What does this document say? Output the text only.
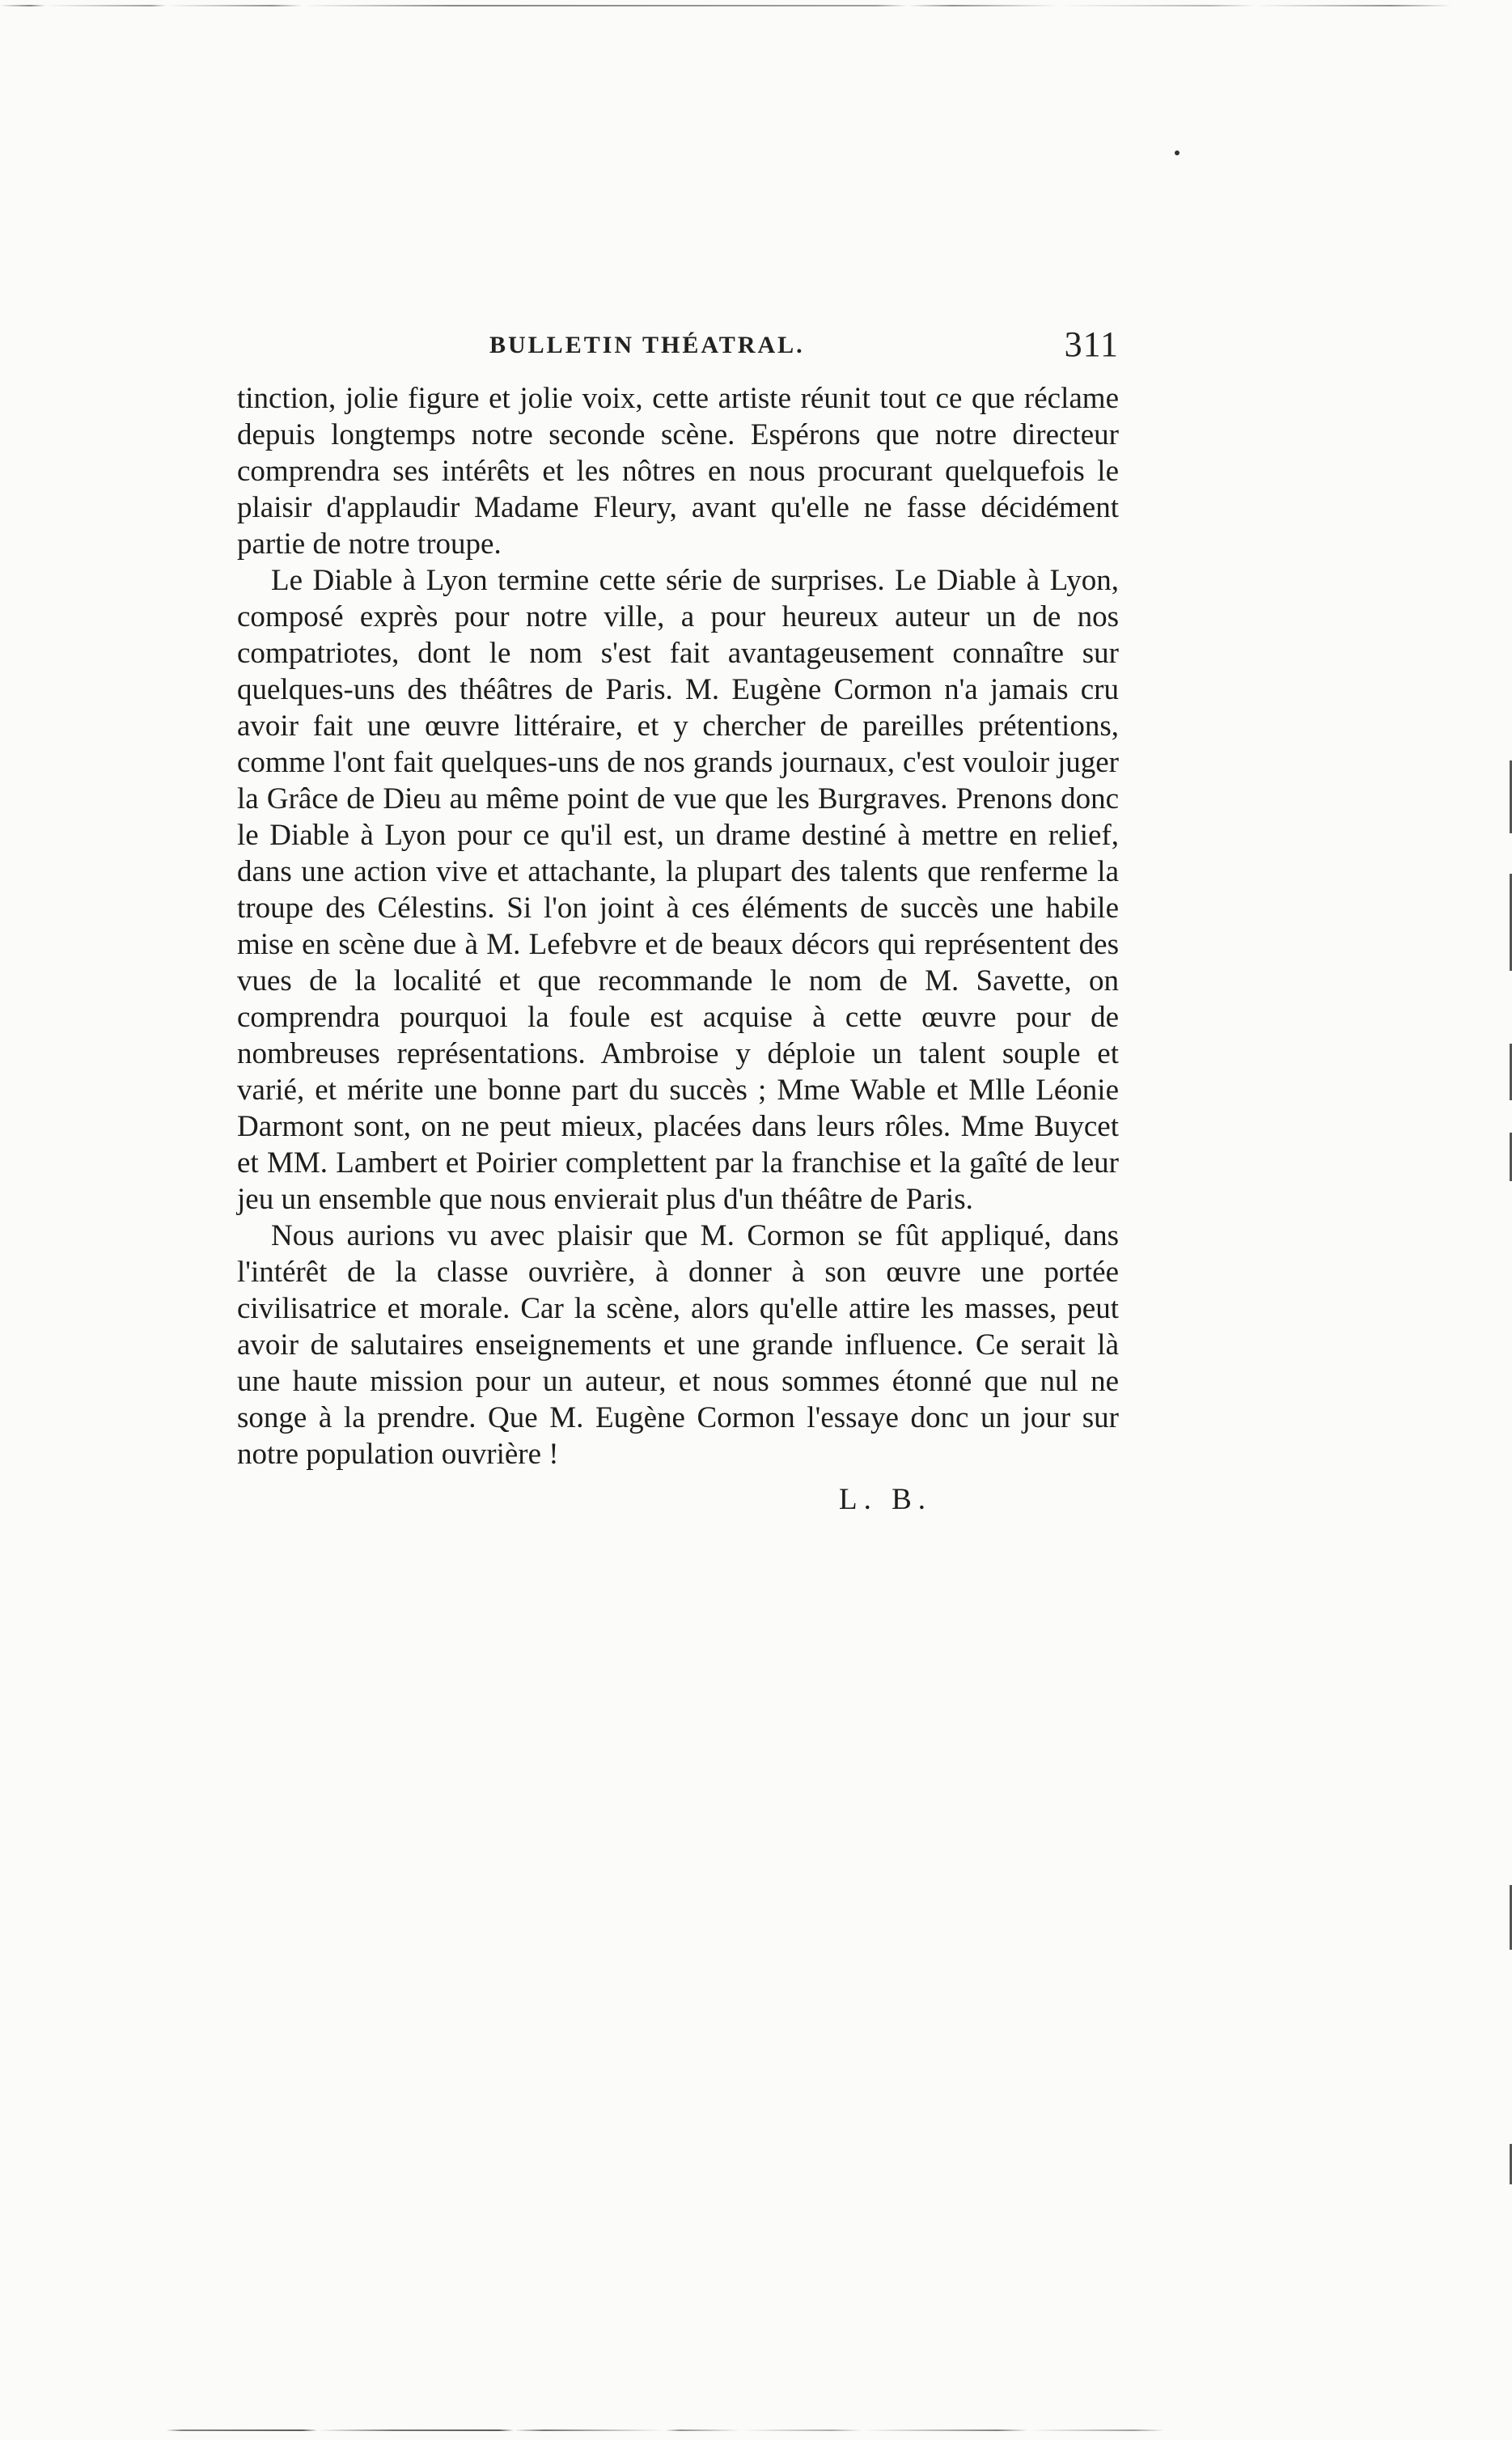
BULLETIN THÉATRAL.	311

tinction, jolie figure et jolie voix, cette artiste réunit tout ce que réclame depuis longtemps notre seconde scène. Espérons que notre directeur comprendra ses intérêts et les nôtres en nous procurant quelquefois le plaisir d'applaudir Madame Fleury, avant qu'elle ne fasse décidément partie de notre troupe.

Le Diable à Lyon termine cette série de surprises. Le Diable à Lyon, composé exprès pour notre ville, a pour heureux auteur un de nos compatriotes, dont le nom s'est fait avantageusement connaître sur quelques-uns des théâtres de Paris. M. Eugène Cormon n'a jamais cru avoir fait une œuvre littéraire, et y chercher de pareilles prétentions, comme l'ont fait quelques-uns de nos grands journaux, c'est vouloir juger la Grâce de Dieu au même point de vue que les Burgraves. Prenons donc le Diable à Lyon pour ce qu'il est, un drame destiné à mettre en relief, dans une action vive et attachante, la plupart des talents que renferme la troupe des Célestins. Si l'on joint à ces éléments de succès une habile mise en scène due à M. Lefebvre et de beaux décors qui représentent des vues de la localité et que recommande le nom de M. Savette, on comprendra pourquoi la foule est acquise à cette œuvre pour de nombreuses représentations. Ambroise y déploie un talent souple et varié, et mérite une bonne part du succès ; Mme Wable et Mlle Léonie Darmont sont, on ne peut mieux, placées dans leurs rôles. Mme Buycet et MM. Lambert et Poirier complettent par la franchise et la gaîté de leur jeu un ensemble que nous envierait plus d'un théâtre de Paris.

Nous aurions vu avec plaisir que M. Cormon se fût appliqué, dans l'intérêt de la classe ouvrière, à donner à son œuvre une portée civilisatrice et morale. Car la scène, alors qu'elle attire les masses, peut avoir de salutaires enseignements et une grande influence. Ce serait là une haute mission pour un auteur, et nous sommes étonné que nul ne songe à la prendre. Que M. Eugène Cormon l'essaye donc un jour sur notre population ouvrière !

L. B.
